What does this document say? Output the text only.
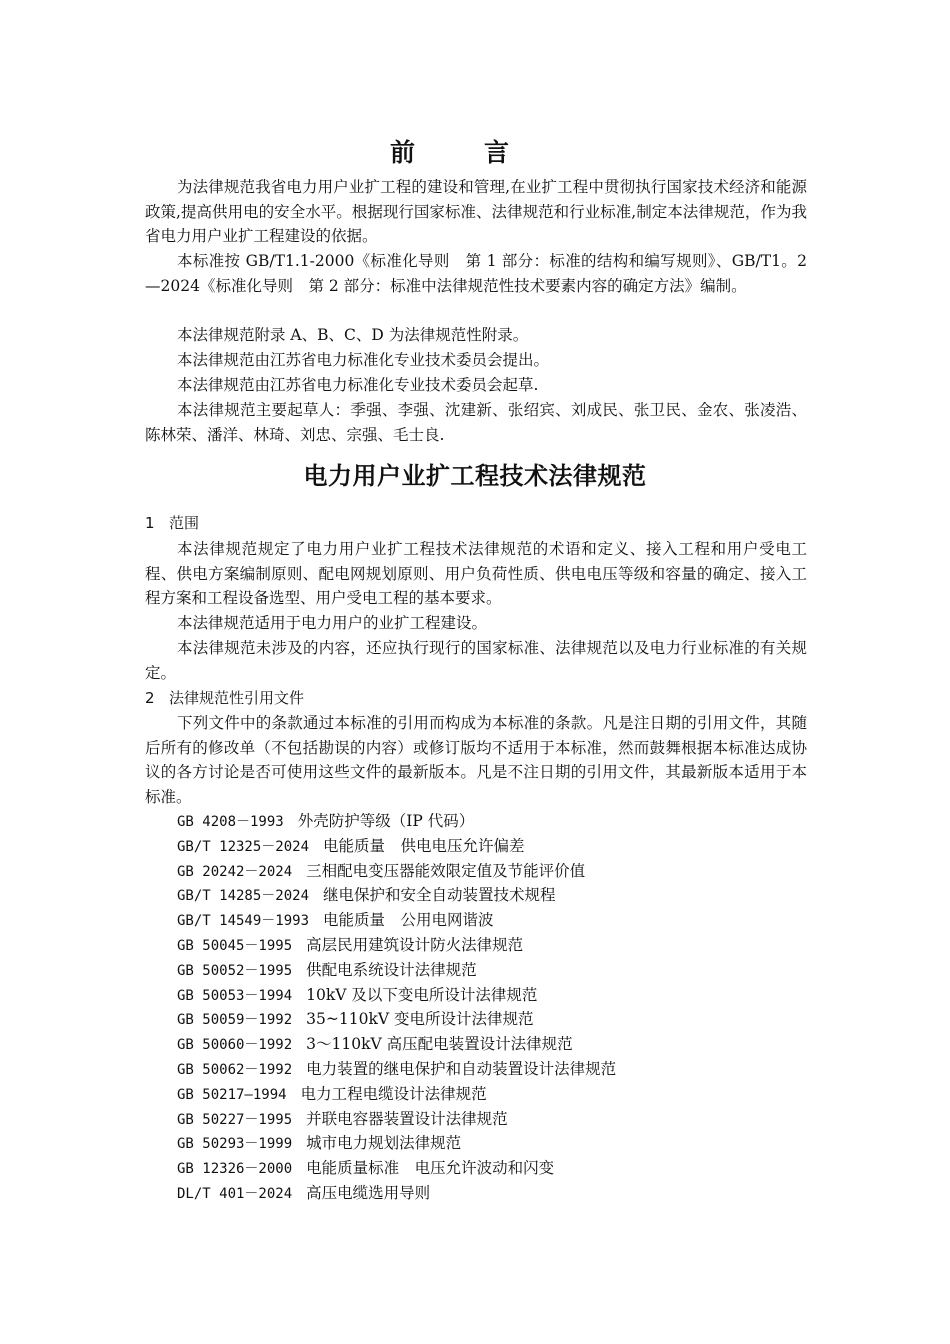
前　言

为法律规范我省电力用户业扩工程的建设和管理,在业扩工程中贯彻执行国家技术经济和能源政策,提高供用电的安全水平。根据现行国家标准、法律规范和行业标准,制定本法律规范，作为我省电力用户业扩工程建设的依据。

本标准按 GB/T1.1-2000《标准化导则　第 1 部分：标准的结构和编写规则》、GB/T1。2—2024《标准化导则　第 2 部分：标准中法律规范性技术要素内容的确定方法》编制。

本法律规范附录 A、B、C、D 为法律规范性附录。

本法律规范由江苏省电力标准化专业技术委员会提出。

本法律规范由江苏省电力标准化专业技术委员会起草.

本法律规范主要起草人：季强、李强、沈建新、张绍宾、刘成民、张卫民、金农、张凌浩、陈林荣、潘洋、林琦、刘忠、宗强、毛士良.

电力用户业扩工程技术法律规范
1 范围

本法律规范规定了电力用户业扩工程技术法律规范的术语和定义、接入工程和用户受电工程、供电方案编制原则、配电网规划原则、用户负荷性质、供电电压等级和容量的确定、接入工程方案和工程设备选型、用户受电工程的基本要求。

本法律规范适用于电力用户的业扩工程建设。

本法律规范未涉及的内容，还应执行现行的国家标准、法律规范以及电力行业标准的有关规定。

2 法律规范性引用文件

下列文件中的条款通过本标准的引用而构成为本标准的条款。凡是注日期的引用文件，其随后所有的修改单（不包括勘误的内容）或修订版均不适用于本标准，然而鼓舞根据本标准达成协议的各方讨论是否可使用这些文件的最新版本。凡是不注日期的引用文件，其最新版本适用于本标准。

GB 4208－1993 外壳防护等级（IP 代码）
GB/T 12325－2024 电能质量　供电电压允许偏差
GB 20242－2024 三相配电变压器能效限定值及节能评价值
GB/T 14285－2024 继电保护和安全自动装置技术规程
GB/T 14549－1993 电能质量　公用电网谐波
GB 50045－1995 高层民用建筑设计防火法律规范
GB 50052－1995 供配电系统设计法律规范
GB 50053－1994 10kV 及以下变电所设计法律规范
GB 50059－1992 35~110kV 变电所设计法律规范
GB 50060－1992 3～110kV 高压配电装置设计法律规范
GB 50062－1992 电力装置的继电保护和自动装置设计法律规范
GB 50217—1994 电力工程电缆设计法律规范
GB 50227－1995 并联电容器装置设计法律规范
GB 50293－1999 城市电力规划法律规范
GB 12326－2000 电能质量标准　电压允许波动和闪变
DL/T 401－2024 高压电缆选用导则
